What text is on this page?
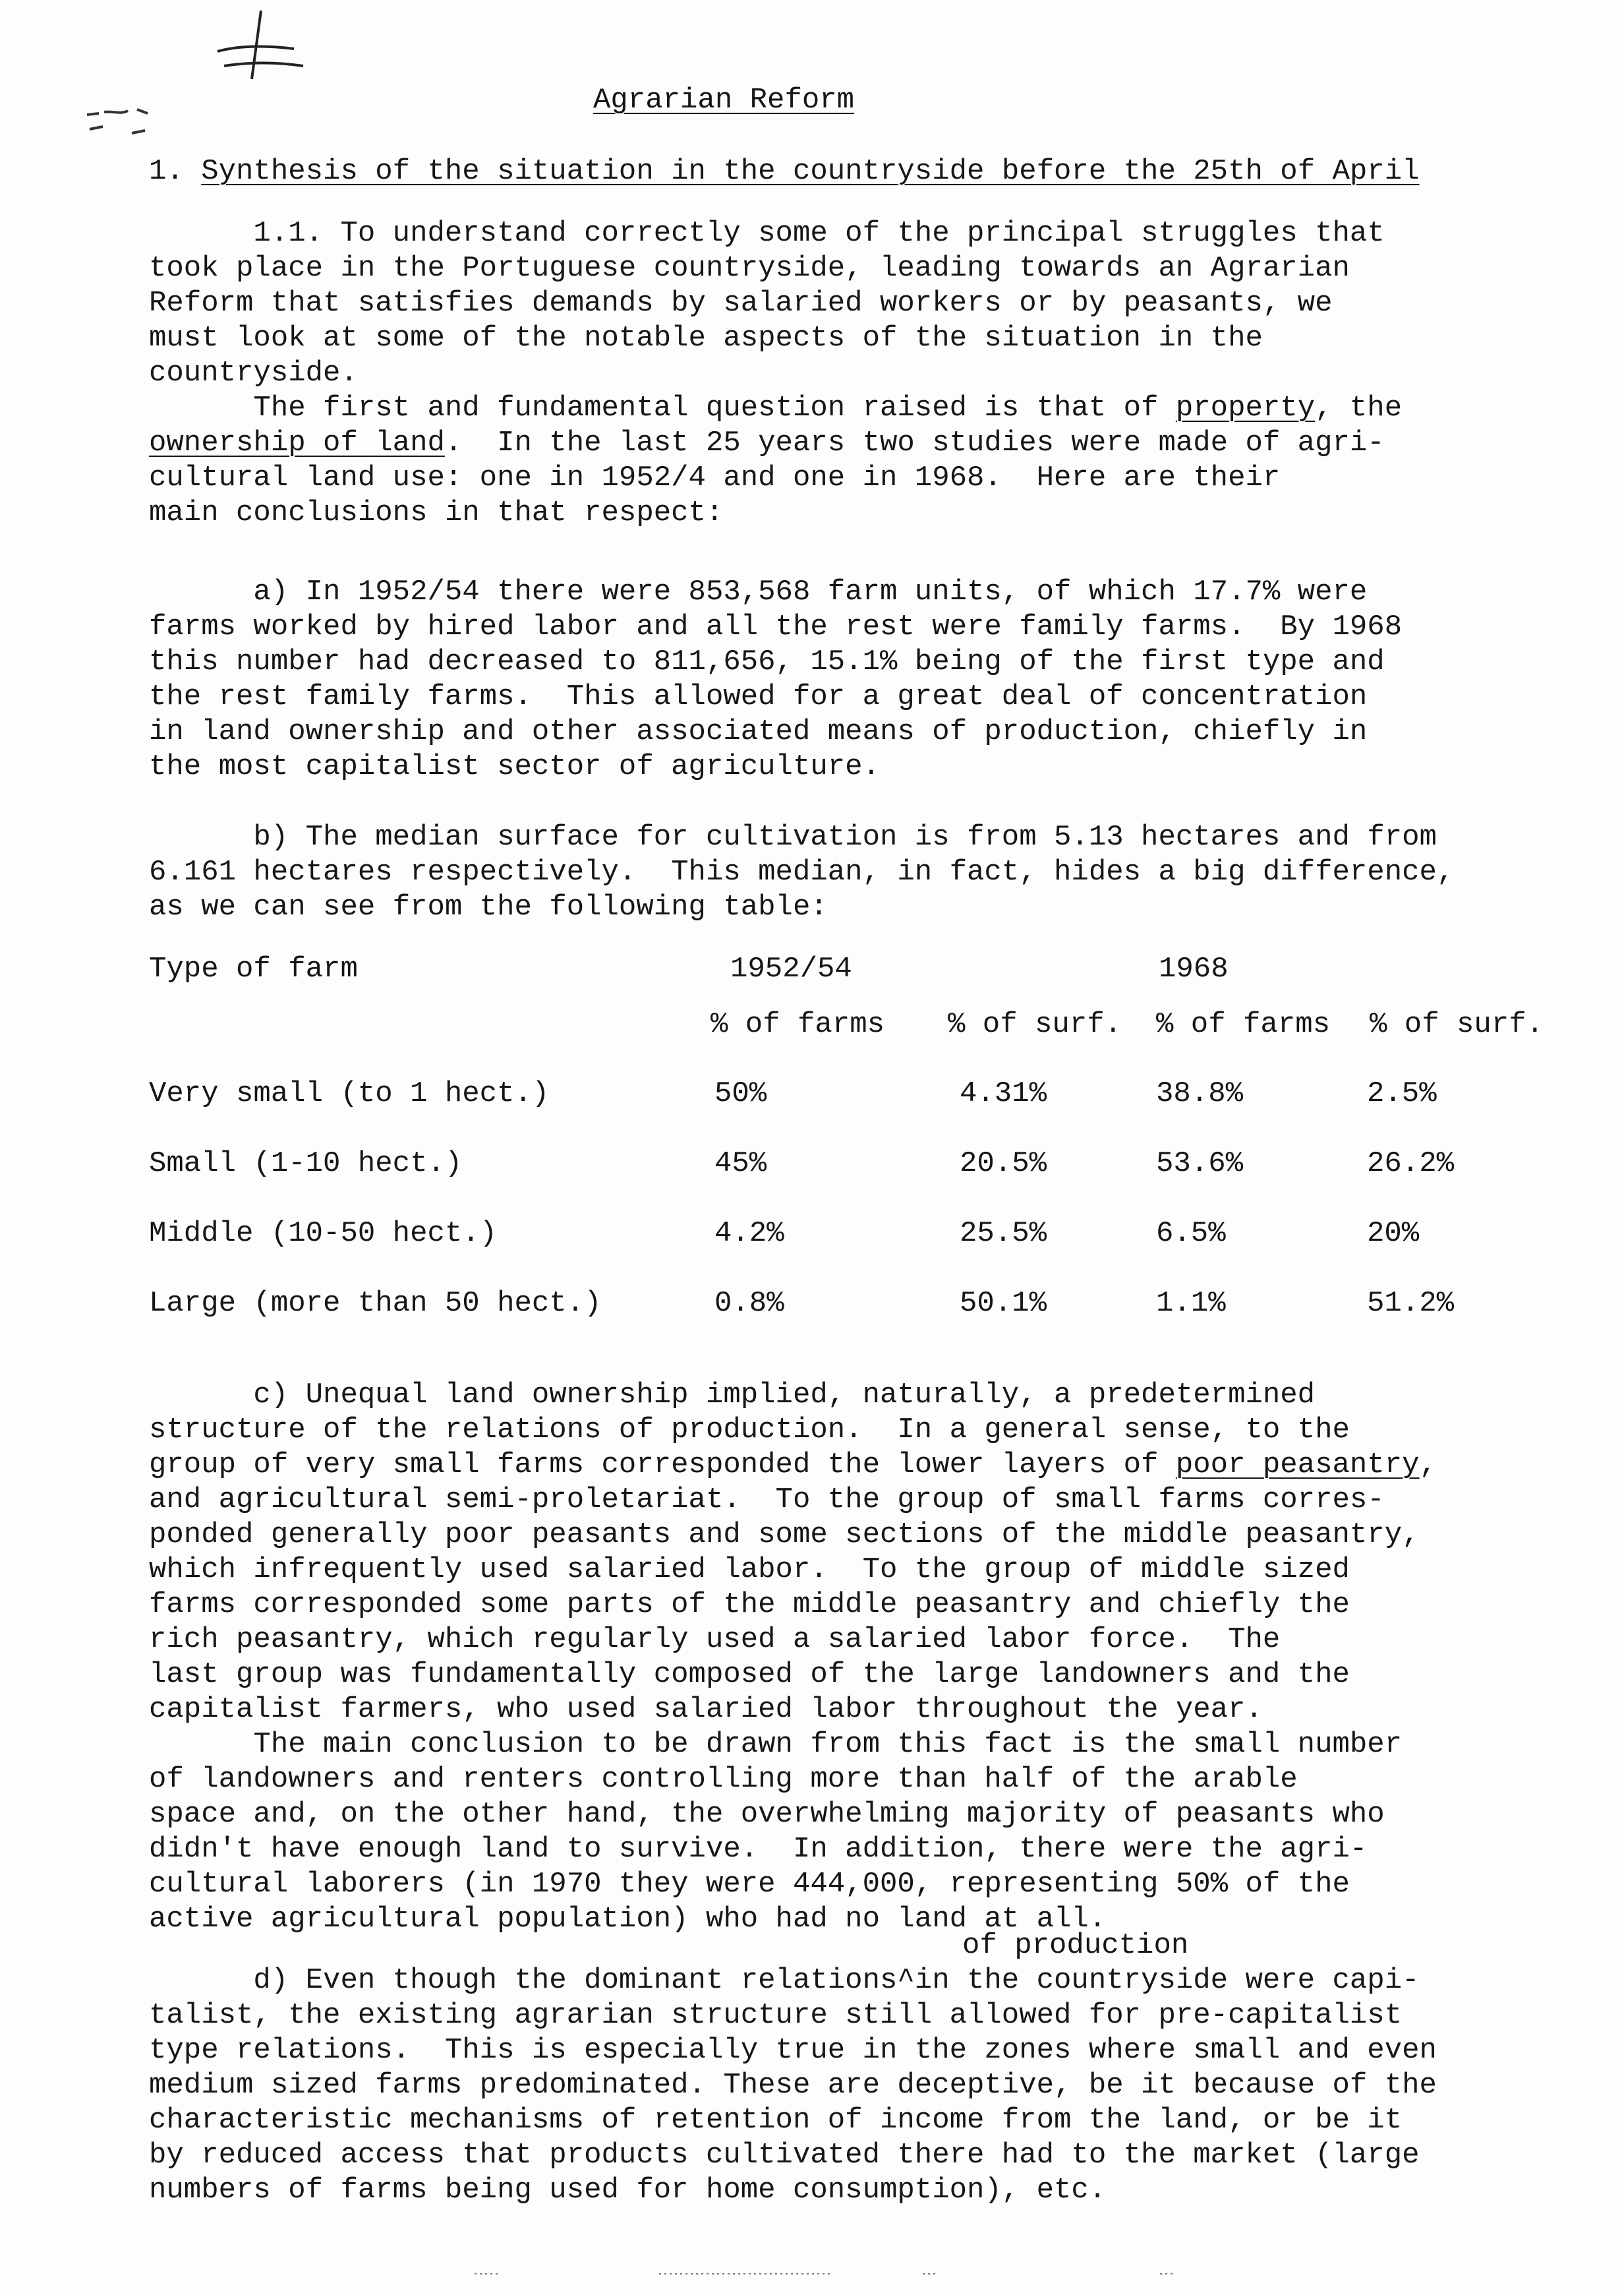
Agrarian Reform
1. Synthesis of the situation in the countryside before the 25th of April
1.1. To understand correctly some of the principal struggles that
took place in the Portuguese countryside, leading towards an Agrarian
Reform that satisfies demands by salaried workers or by peasants, we
must look at some of the notable aspects of the situation in the
countryside.
The first and fundamental question raised is that of property, the
ownership of land.  In the last 25 years two studies were made of agri-
cultural land use: one in 1952/4 and one in 1968.  Here are their
main conclusions in that respect:
a) In 1952/54 there were 853,568 farm units, of which 17.7% were
farms worked by hired labor and all the rest were family farms.  By 1968
this number had decreased to 811,656, 15.1% being of the first type and
the rest family farms.  This allowed for a great deal of concentration
in land ownership and other associated means of production, chiefly in
the most capitalist sector of agriculture.
b) The median surface for cultivation is from 5.13 hectares and from
6.161 hectares respectively.  This median, in fact, hides a big difference,
as we can see from the following table:
Type of farm	1952/54	1968
% of farms % of surf. % of farms % of surf.
Very small (to 1 hect.)	50%	4.31%	38.8%	2.5%
Small (1-10 hect.)	45%	20.5%	53.6%	26.2%
Middle (10-50 hect.)	4.2%	25.5%	6.5%	20%
Large (more than 50 hect.)	0.8%	50.1%	1.1%	51.2%
c) Unequal land ownership implied, naturally, a predetermined
structure of the relations of production.  In a general sense, to the
group of very small farms corresponded the lower layers of poor peasantry,
and agricultural semi-proletariat.  To the group of small farms corres-
ponded generally poor peasants and some sections of the middle peasantry,
which infrequently used salaried labor.  To the group of middle sized
farms corresponded some parts of the middle peasantry and chiefly the
rich peasantry, which regularly used a salaried labor force.  The
last group was fundamentally composed of the large landowners and the
capitalist farmers, who used salaried labor throughout the year.
The main conclusion to be drawn from this fact is the small number
of landowners and renters controlling more than half of the arable
space and, on the other hand, the overwhelming majority of peasants who
didn't have enough land to survive.  In addition, there were the agri-
cultural laborers (in 1970 they were 444,000, representing 50% of the
active agricultural population) who had no land at all.
of production
d) Even though the dominant relations^in the countryside were capi-
talist, the existing agrarian structure still allowed for pre-capitalist
type relations.  This is especially true in the zones where small and even
medium sized farms predominated. These are deceptive, be it because of the
characteristic mechanisms of retention of income from the land, or be it
by reduced access that products cultivated there had to the market (large
numbers of farms being used for home consumption), etc.
